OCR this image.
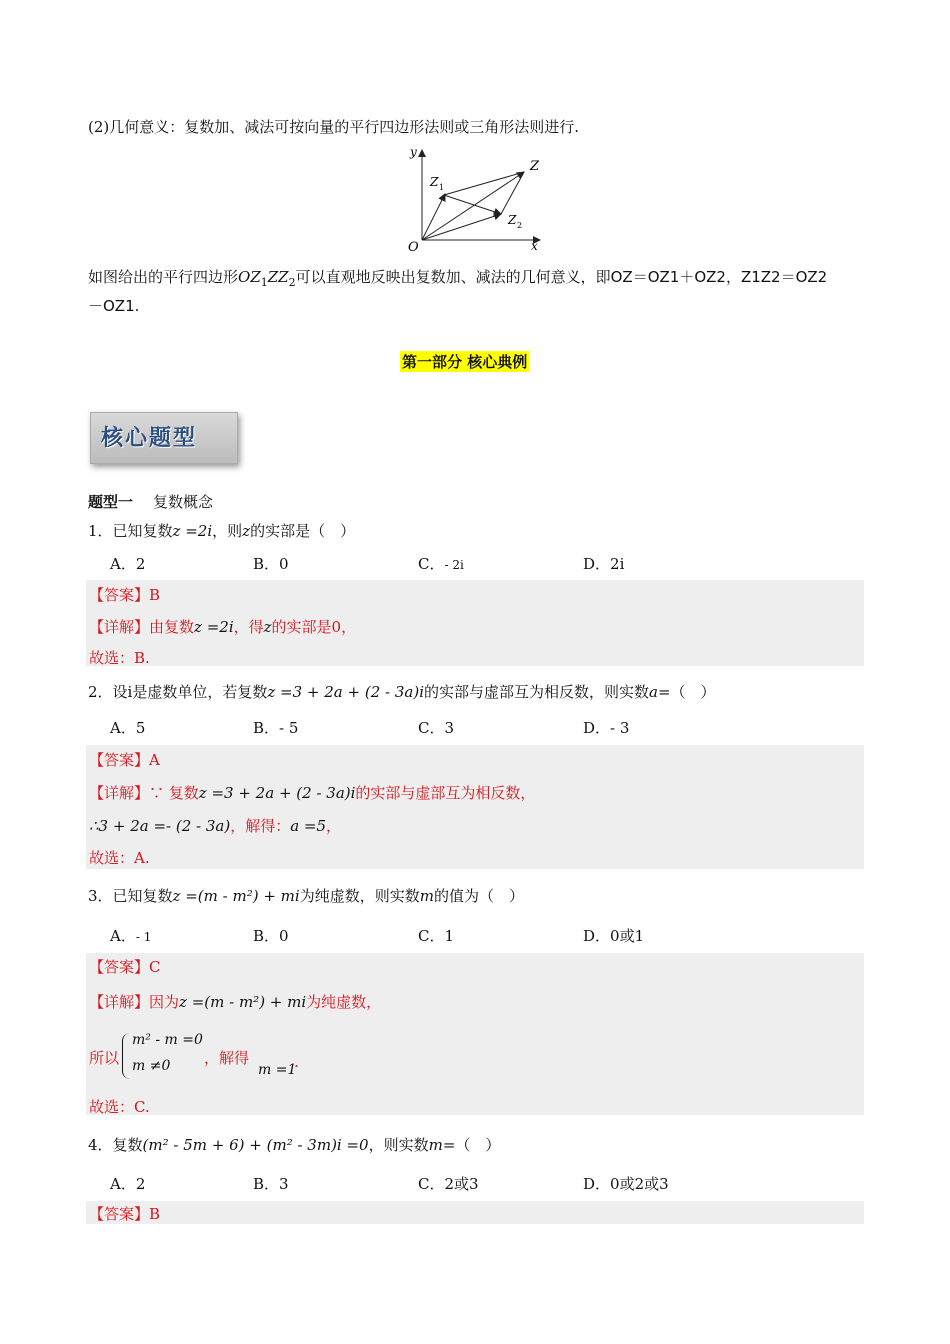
(2)几何意义：复数加、减法可按向量的平行四边形法则或三角形法则进行.
y
x
O
Z
Z 1
Z 2
如图给出的平行四边形$OZ_1ZZ_2$可以直观地反映出复数加、减法的几何意义，即OZ＝OZ1＋OZ2，Z1Z2＝OZ2
－OZ1.
第一部分 核心典例
核心题型
题型一 复数概念
1．已知复数z =2i，则z的实部是（　）
A．2	B．0	C．- 2i	D．2i
【答案】B
【详解】由复数z =2i，得z的实部是0，
故选：B.
2．设i是虚数单位，若复数z =3 + 2a + (2 - 3a)i的实部与虚部互为相反数，则实数a=（　）
A．5	B．- 5	C．3	D．- 3
【答案】A
【详解】∵ 复数z =3 + 2a + (2 - 3a)i的实部与虚部互为相反数，
∴3 + 2a =- (2 - 3a)，解得：a =5，
故选：A.
3．已知复数z =(m - m²) + mi为纯虚数，则实数m的值为（　）
A．- 1	B．0	C．1	D．0或1
【答案】C
【详解】因为z =(m - m²) + mi为纯虚数，
所以
m² - m =0
m ≠0 ，解得
m =1
.
故选：C.
4．复数(m² - 5m + 6) + (m² - 3m)i =0，则实数m=（　）
A．2	B．3	C．2或3	D．0或2或3
【答案】B
